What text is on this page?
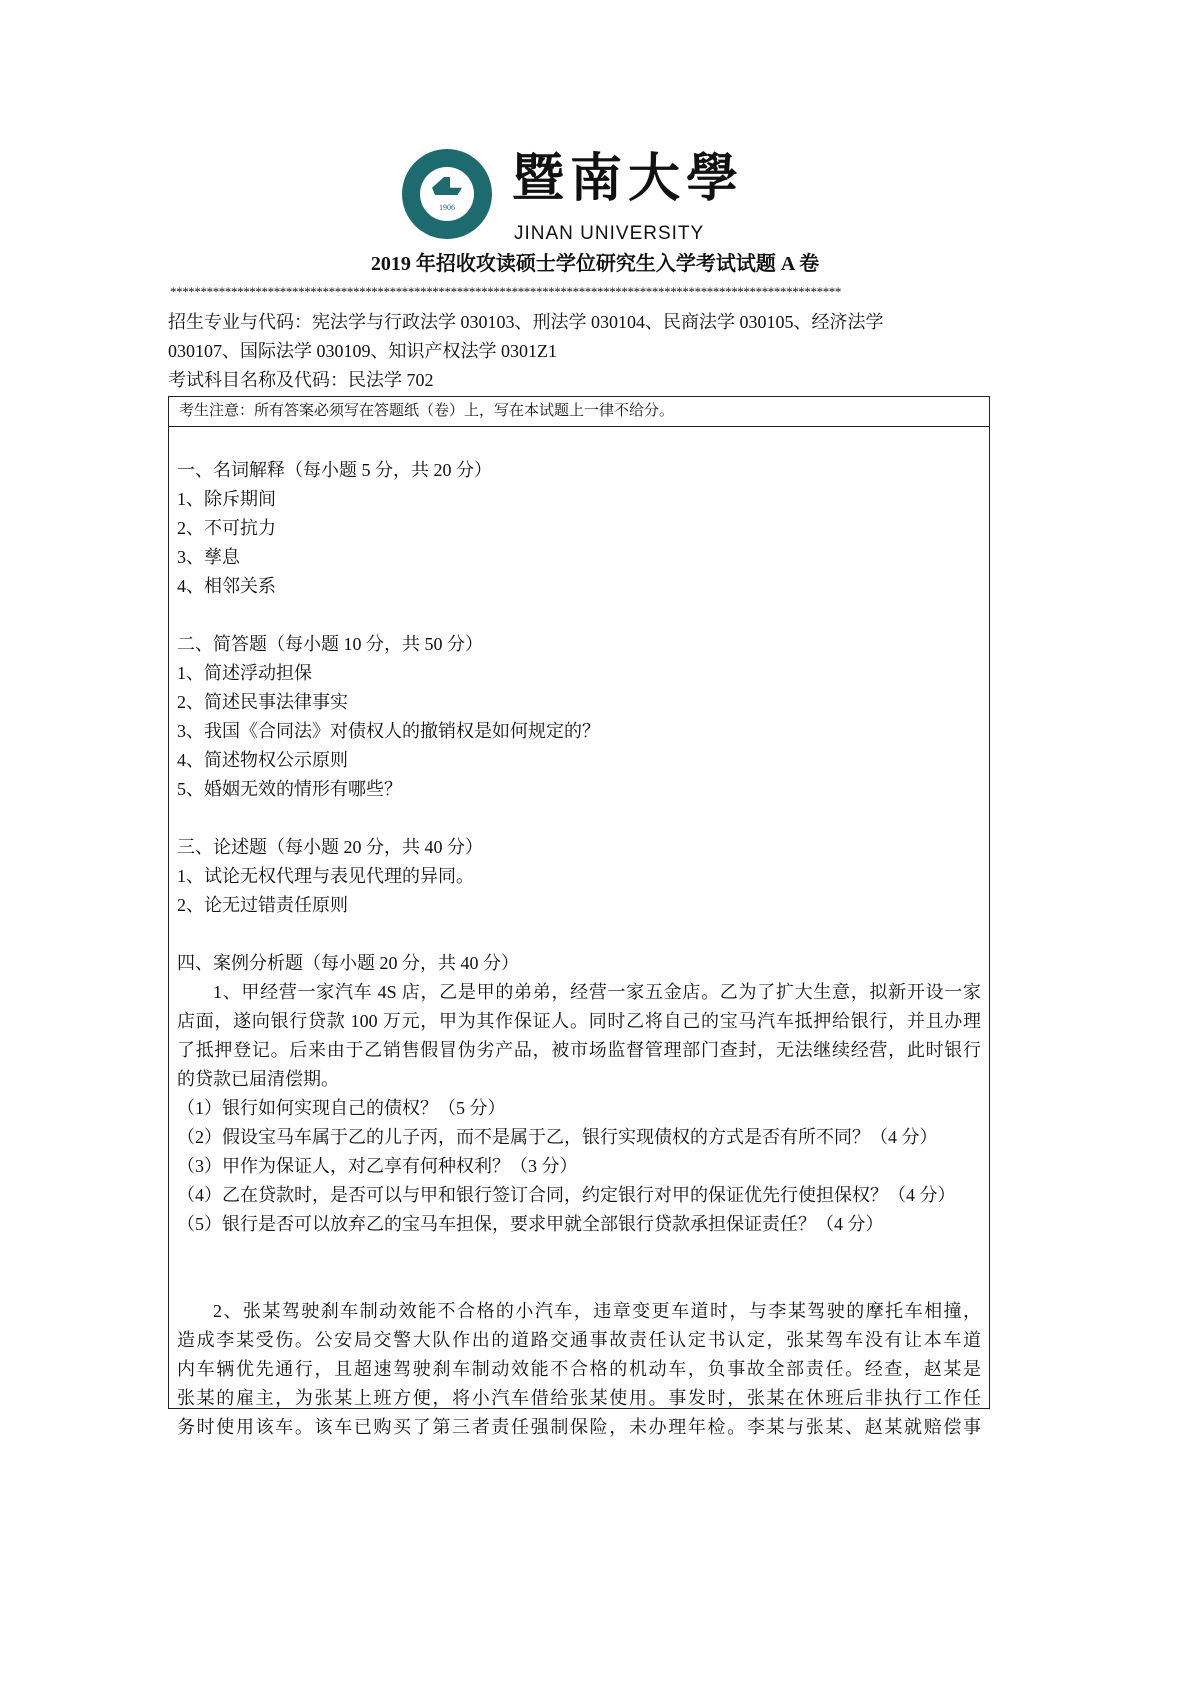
1906	暨南大學
JINAN UNIVERSITY
2019 年招收攻读硕士学位研究生入学考试试题 A 卷
**************************************************************************************************************
招生专业与代码：宪法学与行政法学 030103、刑法学 030104、民商法学 030105、经济法学
030107、国际法学 030109、知识产权法学 0301Z1
考试科目名称及代码：民法学 702
考生注意：所有答案必须写在答题纸（卷）上，写在本试题上一律不给分。
一、名词解释（每小题 5 分，共 20 分）
1、除斥期间
2、不可抗力
3、孳息
4、相邻关系
二、简答题（每小题 10 分，共 50 分）
1、简述浮动担保
2、简述民事法律事实
3、我国《合同法》对债权人的撤销权是如何规定的？
4、简述物权公示原则
5、婚姻无效的情形有哪些？
三、论述题（每小题 20 分，共 40 分）
1、试论无权代理与表见代理的异同。
2、论无过错责任原则
四、案例分析题（每小题 20 分，共 40 分）
1、甲经营一家汽车 4S 店，乙是甲的弟弟，经营一家五金店。乙为了扩大生意，拟新开设一家
店面，遂向银行贷款 100 万元，甲为其作保证人。同时乙将自己的宝马汽车抵押给银行，并且办理
了抵押登记。后来由于乙销售假冒伪劣产品，被市场监督管理部门查封，无法继续经营，此时银行
的贷款已届清偿期。
（1）银行如何实现自己的债权？（5 分）
（2）假设宝马车属于乙的儿子丙，而不是属于乙，银行实现债权的方式是否有所不同？（4 分）
（3）甲作为保证人，对乙享有何种权利？（3 分）
（4）乙在贷款时，是否可以与甲和银行签订合同，约定银行对甲的保证优先行使担保权？（4 分）
（5）银行是否可以放弃乙的宝马车担保，要求甲就全部银行贷款承担保证责任？（4 分）
2、张某驾驶刹车制动效能不合格的小汽车，违章变更车道时，与李某驾驶的摩托车相撞，
造成李某受伤。公安局交警大队作出的道路交通事故责任认定书认定，张某驾车没有让本车道
内车辆优先通行，且超速驾驶刹车制动效能不合格的机动车，负事故全部责任。经查，赵某是
张某的雇主，为张某上班方便，将小汽车借给张某使用。事发时，张某在休班后非执行工作任
务时使用该车。该车已购买了第三者责任强制保险，未办理年检。李某与张某、赵某就赔偿事
